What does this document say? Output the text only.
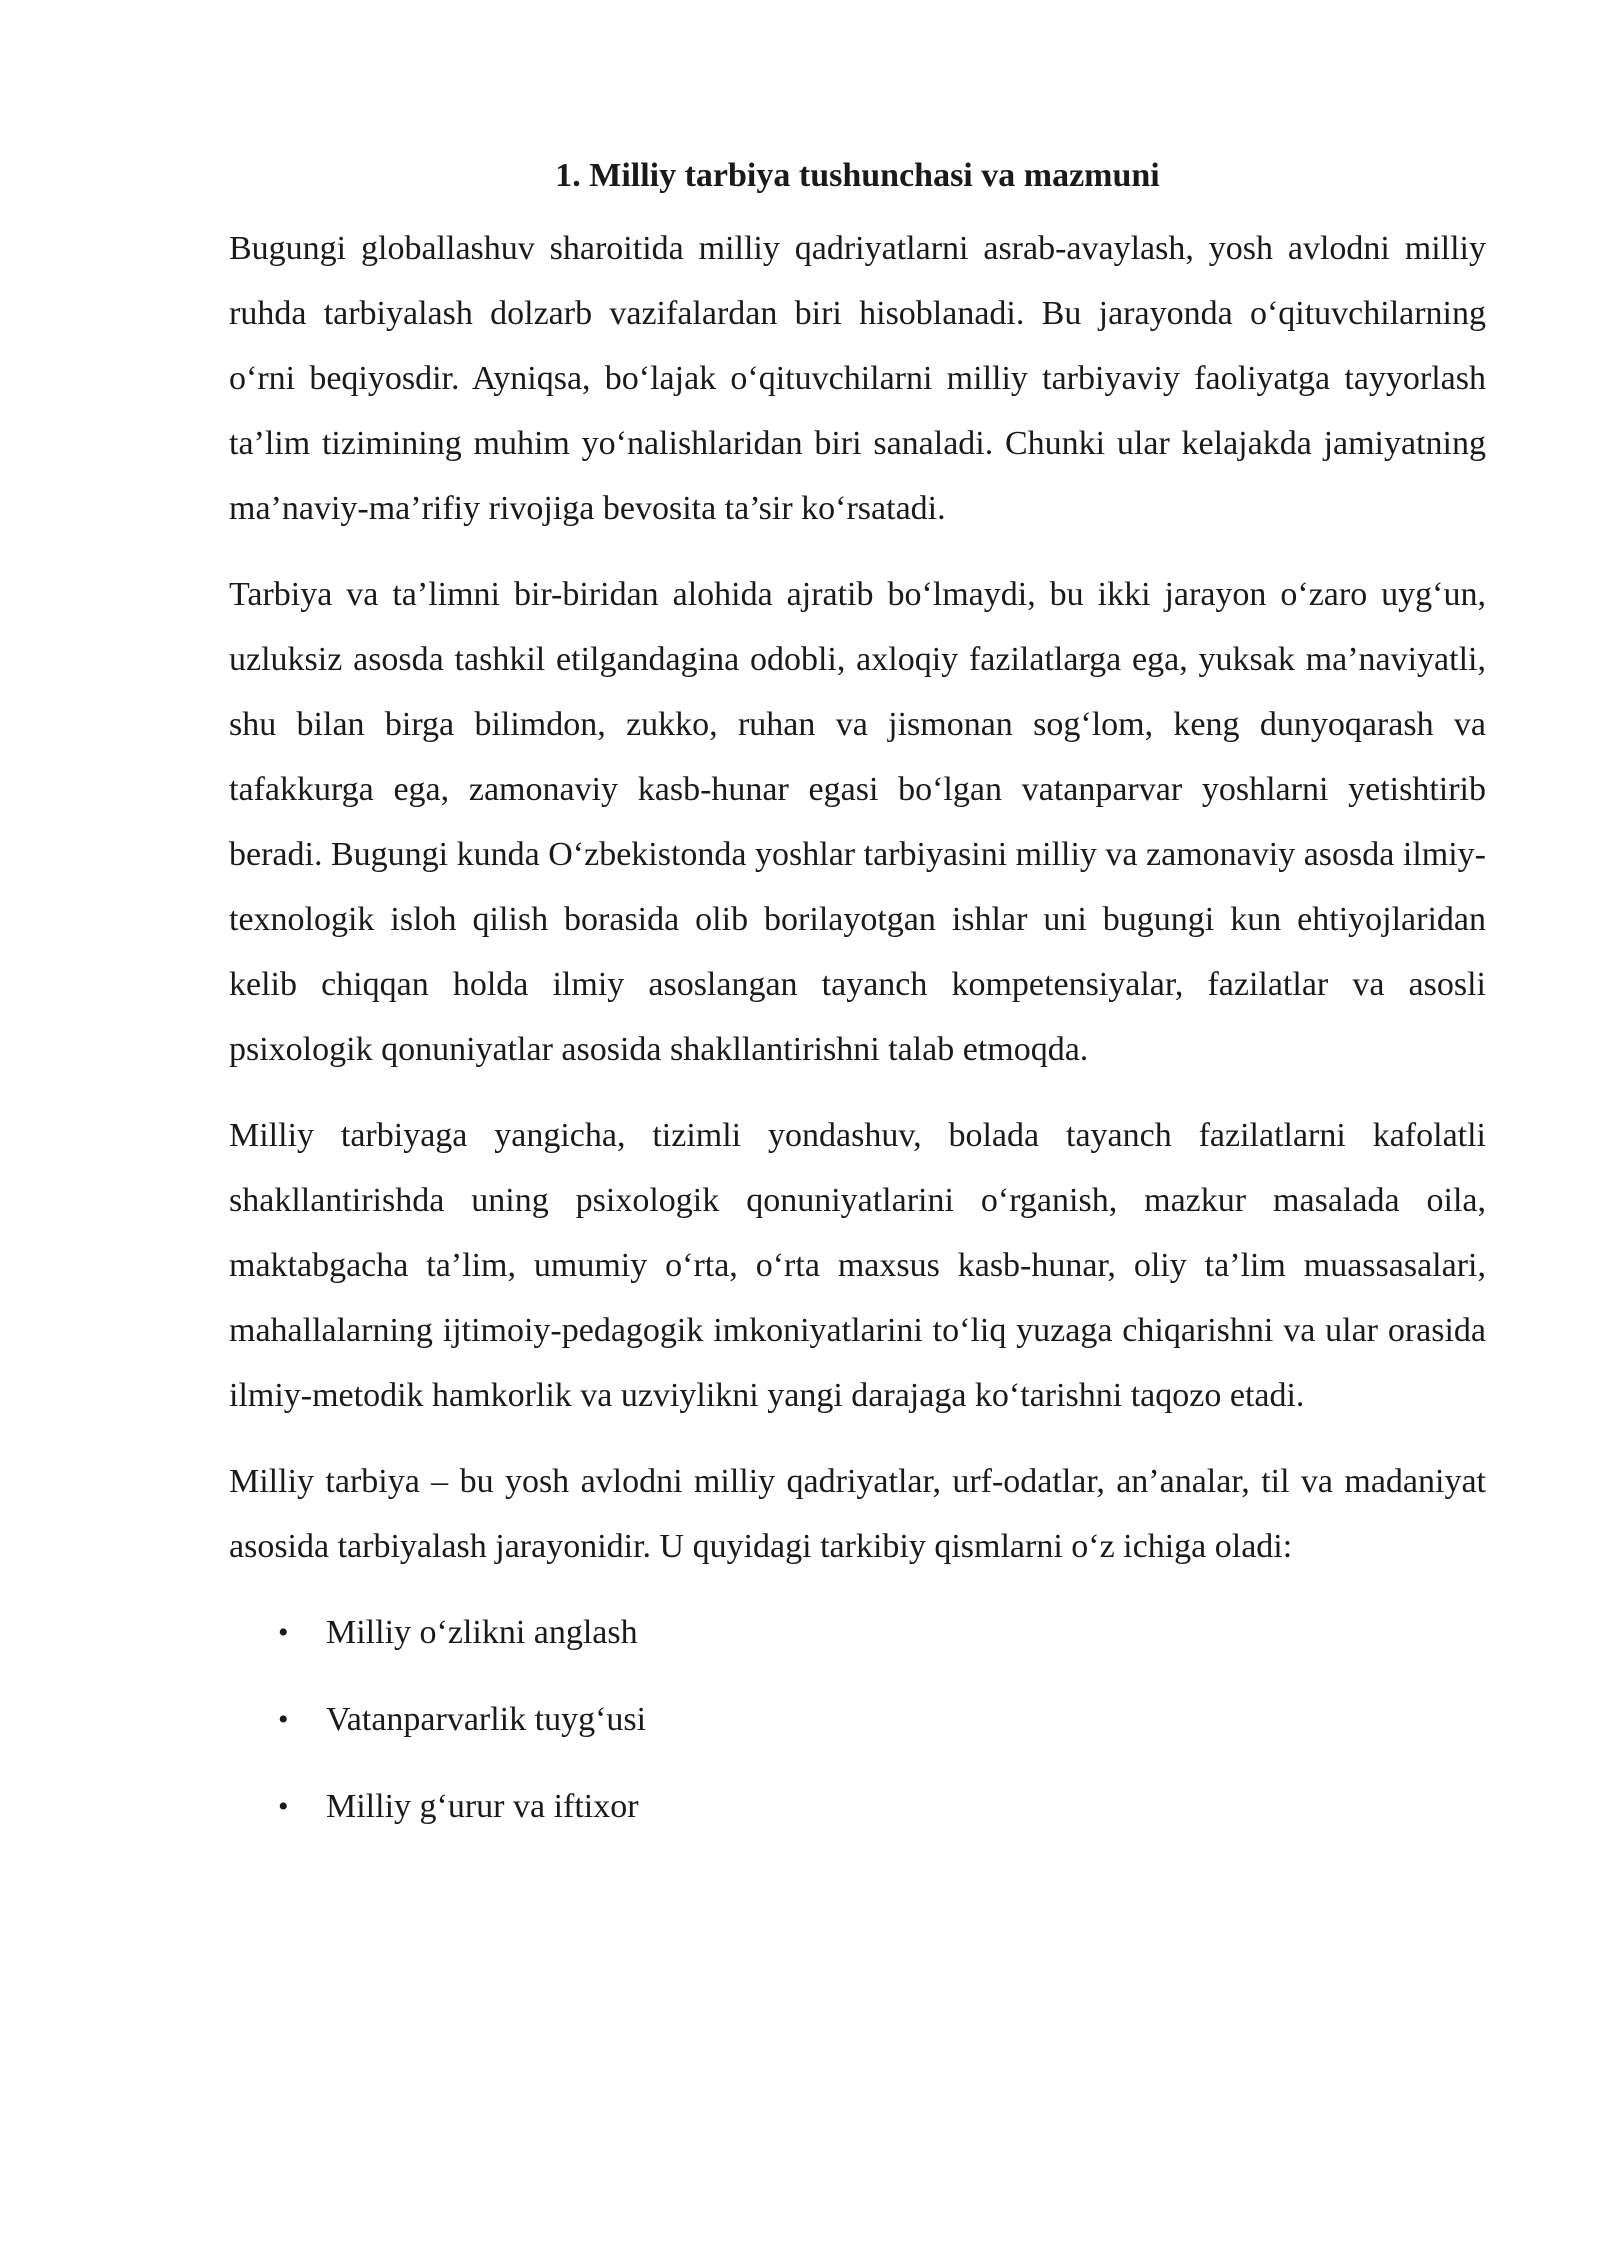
1. Milliy tarbiya tushunchasi va mazmuni

Bugungi globallashuv sharoitida milliy qadriyatlarni asrab-avaylash, yosh avlodni milliy ruhda tarbiyalash dolzarb vazifalardan biri hisoblanadi. Bu jarayonda o‘qituvchilarning o‘rni beqiyosdir. Ayniqsa, bo‘lajak o‘qituvchilarni milliy tarbiyaviy faoliyatga tayyorlash ta’lim tizimining muhim yo‘nalishlaridan biri sanaladi. Chunki ular kelajakda jamiyatning ma’naviy-ma’rifiy rivojiga bevosita ta’sir ko‘rsatadi.

Tarbiya va ta’limni bir-biridan alohida ajratib bo‘lmaydi, bu ikki jarayon o‘zaro uyg‘un, uzluksiz asosda tashkil etilgandagina odobli, axloqiy fazilatlarga ega, yuksak ma’naviyatli, shu bilan birga bilimdon, zukko, ruhan va jismonan sog‘lom, keng dunyoqarash va tafakkurga ega, zamonaviy kasb-hunar egasi bo‘lgan vatanparvar yoshlarni yetishtirib beradi. Bugungi kunda O‘zbekistonda yoshlar tarbiyasini milliy va zamonaviy asosda ilmiy-texnologik isloh qilish borasida olib borilayotgan ishlar uni bugungi kun ehtiyojlaridan kelib chiqqan holda ilmiy asoslangan tayanch kompetensiyalar, fazilatlar va asosli psixologik qonuniyatlar asosida shakllantirishni talab etmoqda.

Milliy tarbiyaga yangicha, tizimli yondashuv, bolada tayanch fazilatlarni kafolatli shakllantirishda uning psixologik qonuniyatlarini o‘rganish, mazkur masalada oila, maktabgacha ta’lim, umumiy o‘rta, o‘rta maxsus kasb-hunar, oliy ta’lim muassasalari, mahallalarning ijtimoiy-pedagogik imkoniyatlarini to‘liq yuzaga chiqarishni va ular orasida ilmiy-metodik hamkorlik va uzviylikni yangi darajaga ko‘tarishni taqozo etadi.

Milliy tarbiya – bu yosh avlodni milliy qadriyatlar, urf-odatlar, an’analar, til va madaniyat asosida tarbiyalash jarayonidir. U quyidagi tarkibiy qismlarni o‘z ichiga oladi:

• Milliy o‘zlikni anglash
• Vatanparvarlik tuyg‘usi
• Milliy g‘urur va iftixor
